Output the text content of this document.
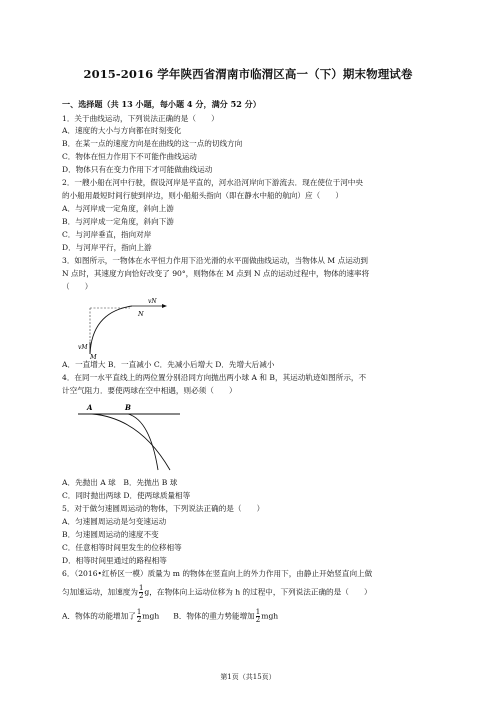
2015-2016 学年陕西省渭南市临渭区高一（下）期末物理试卷
一、选择题（共 13 小题，每小题 4 分，满分 52 分）
1．关于曲线运动，下列说法正确的是（　　）
A．速度的大小与方向都在时刻变化
B．在某一点的速度方向是在曲线的这一点的切线方向
C．物体在恒力作用下不可能作曲线运动
D．物体只有在变力作用下才可能做曲线运动
2．一艘小船在河中行驶，假设河岸是平直的，河水沿河岸向下游流去．现在使位于河中央
的小船用最短时间行驶到岸边，则小船船头指向（即在静水中船的航向）应（　　）
A．与河岸成一定角度，斜向上游
B．与河岸成一定角度，斜向下游
C．与河岸垂直，指向对岸
D．与河岸平行，指向上游
3．如图所示，一物体在水平恒力作用下沿光滑的水平面做曲线运动，当物体从 M 点运动到
N 点时，其速度方向恰好改变了 90°，则物体在 M 点到 N 点的运动过程中，物体的速率将
（　　）
vN
N
vM
M
A．一直增大 B．一直减小 C．先减小后增大 D．先增大后减小
4．在同一水平直线上的两位置分别沿同方向抛出两小球 A 和 B，其运动轨迹如图所示，不
计空气阻力．要使两球在空中相遇，则必须（　　）
A	B
A．先抛出 A 球　B．先抛出 B 球
C．同时抛出两球 D．使两球质量相等
5．对于做匀速圆周运动的物体，下列说法正确的是（　　）
A．匀速圆周运动是匀变速运动
B．匀速圆周运动的速度不变
C．任意相等时间里发生的位移相等
D．相等时间里通过的路程相等
6．（2016•红桥区一模）质量为 m 的物体在竖直向上的外力作用下，由静止开始竖直向上做
匀加速运动，加速度为 $\frac{1}{2}$ g，在物体向上运动位移为 h 的过程中，下列说法正确的是（　　）
A．物体的动能增加了 $\frac{1}{2}$ mgh B．物体的重力势能增加 $\frac{1}{2}$ mgh
第1页（共15页）
